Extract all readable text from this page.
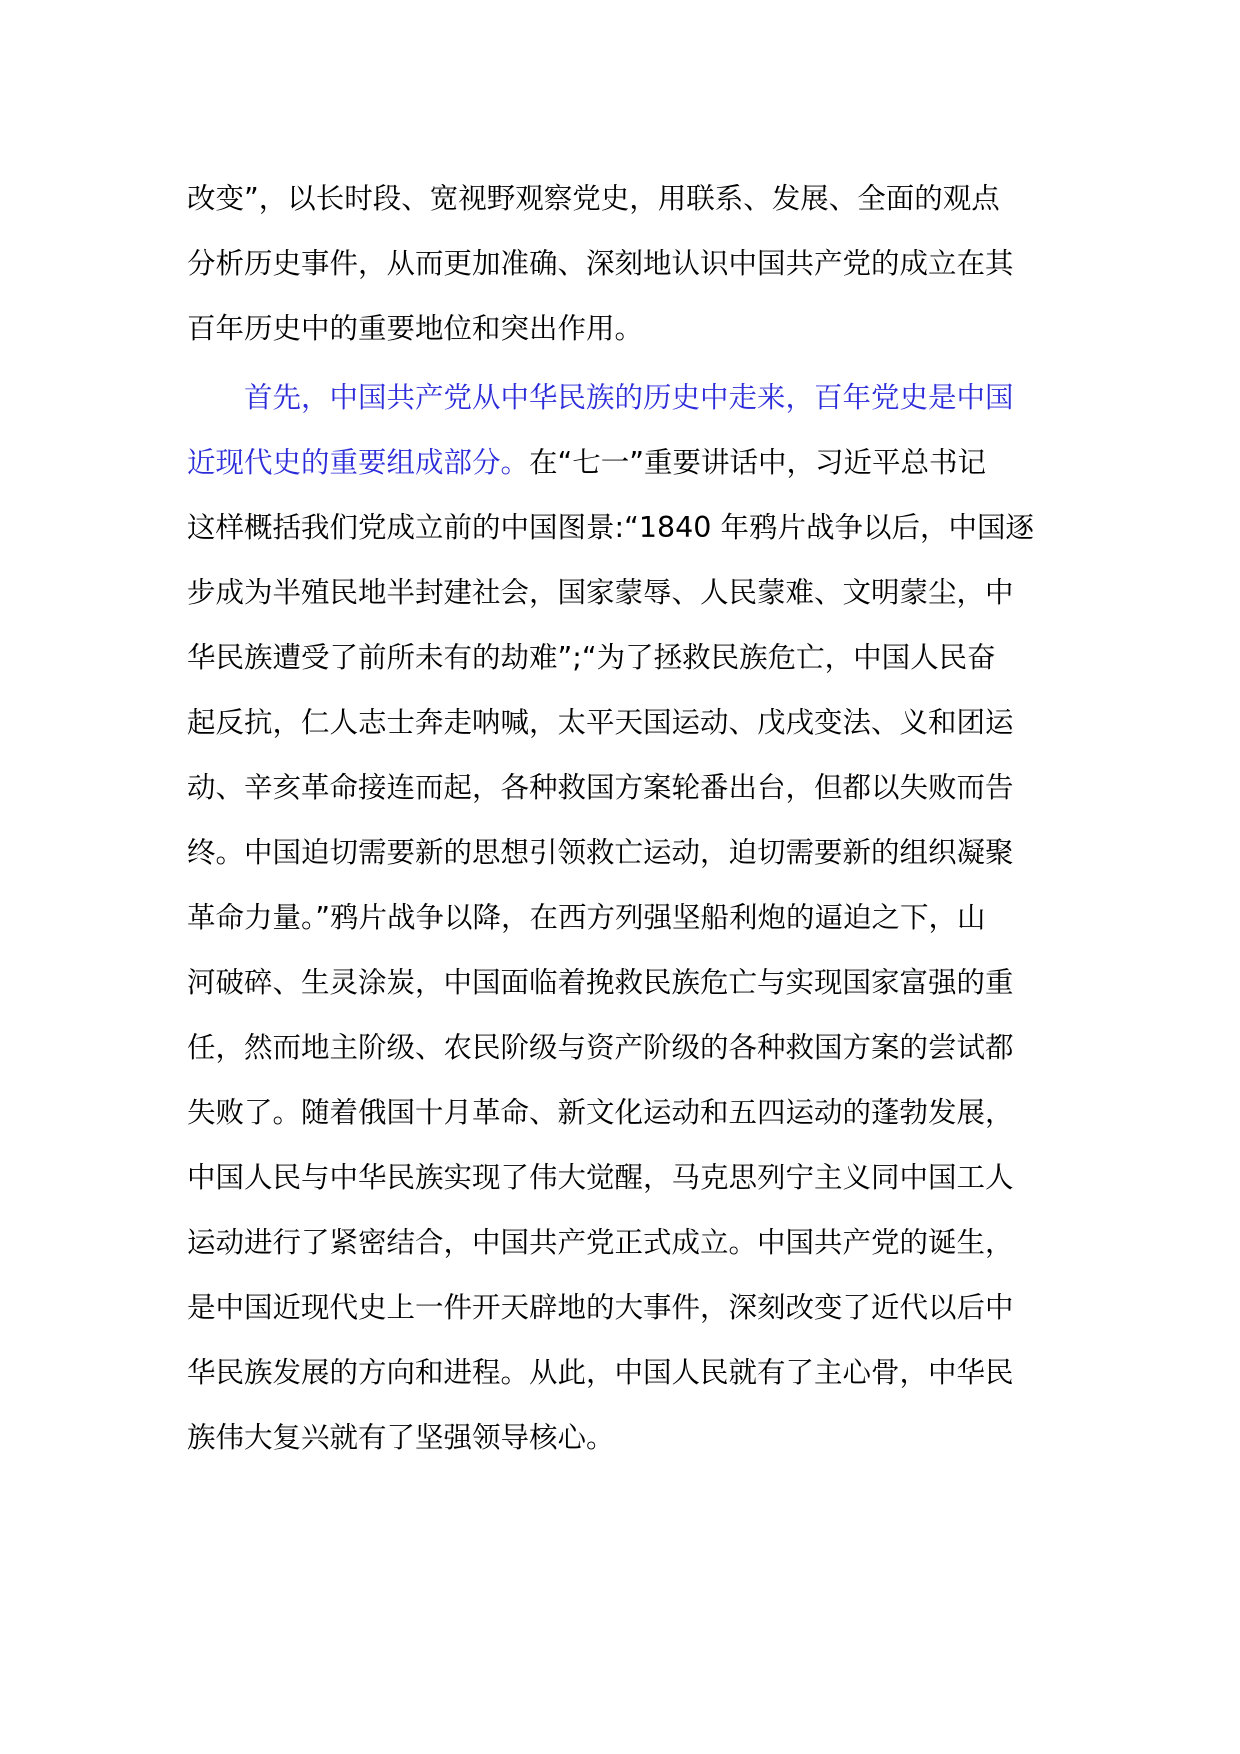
改变”，以长时段、宽视野观察党史，用联系、发展、全面的观点
分析历史事件，从而更加准确、深刻地认识中国共产党的成立在其
百年历史中的重要地位和突出作用。
首先，中国共产党从中华民族的历史中走来，百年党史是中国
近现代史的重要组成部分。在“七一”重要讲话中，习近平总书记
这样概括我们党成立前的中国图景:“1840 年鸦片战争以后，中国逐
步成为半殖民地半封建社会，国家蒙辱、人民蒙难、文明蒙尘，中
华民族遭受了前所未有的劫难”;“为了拯救民族危亡，中国人民奋
起反抗，仁人志士奔走呐喊，太平天国运动、戊戌变法、义和团运
动、辛亥革命接连而起，各种救国方案轮番出台，但都以失败而告
终。中国迫切需要新的思想引领救亡运动，迫切需要新的组织凝聚
革命力量。”鸦片战争以降，在西方列强坚船利炮的逼迫之下，山
河破碎、生灵涂炭，中国面临着挽救民族危亡与实现国家富强的重
任，然而地主阶级、农民阶级与资产阶级的各种救国方案的尝试都
失败了。随着俄国十月革命、新文化运动和五四运动的蓬勃发展，
中国人民与中华民族实现了伟大觉醒，马克思列宁主义同中国工人
运动进行了紧密结合，中国共产党正式成立。中国共产党的诞生，
是中国近现代史上一件开天辟地的大事件，深刻改变了近代以后中
华民族发展的方向和进程。从此，中国人民就有了主心骨，中华民
族伟大复兴就有了坚强领导核心。
